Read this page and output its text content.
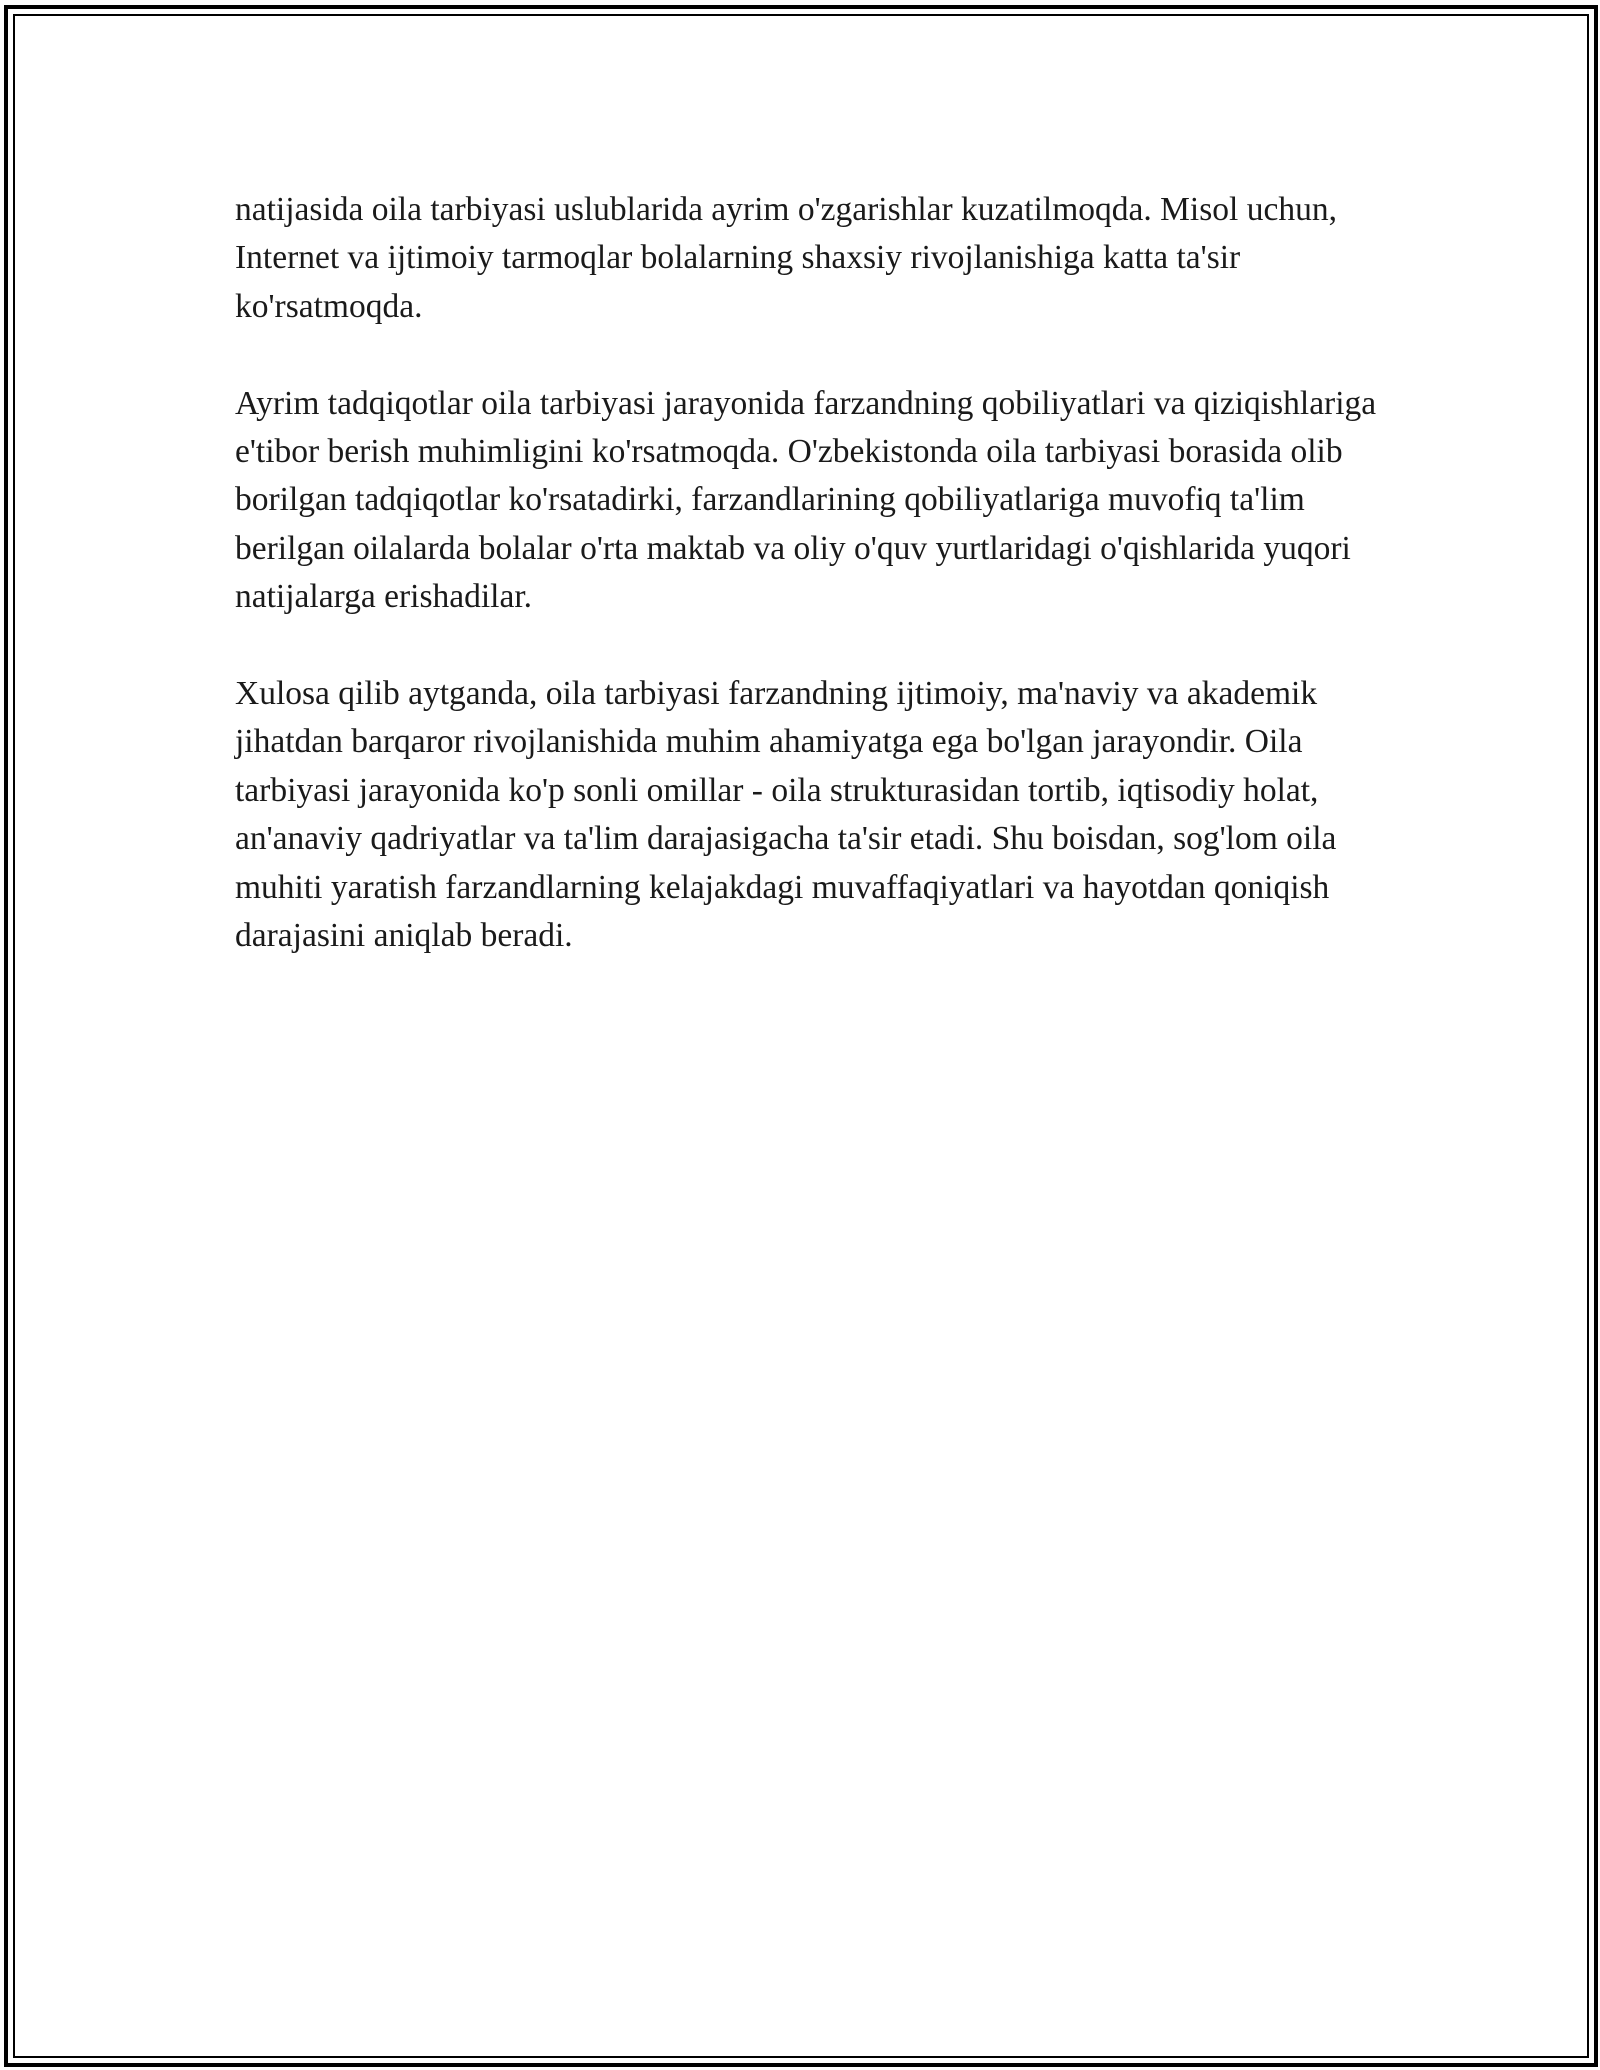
natijasida oila tarbiyasi uslublarida ayrim o'zgarishlar kuzatilmoqda. Misol uchun, Internet va ijtimoiy tarmoqlar bolalarning shaxsiy rivojlanishiga katta ta'sir ko'rsatmoqda.

Ayrim tadqiqotlar oila tarbiyasi jarayonida farzandning qobiliyatlari va qiziqishlariga e'tibor berish muhimligini ko'rsatmoqda. O'zbekistonda oila tarbiyasi borasida olib borilgan tadqiqotlar ko'rsatadirki, farzandlarining qobiliyatlariga muvofiq ta'lim berilgan oilalarda bolalar o'rta maktab va oliy o'quv yurtlaridagi o'qishlarida yuqori natijalarga erishadilar.

Xulosa qilib aytganda, oila tarbiyasi farzandning ijtimoiy, ma'naviy va akademik jihatdan barqaror rivojlanishida muhim ahamiyatga ega bo'lgan jarayondir. Oila tarbiyasi jarayonida ko'p sonli omillar - oila strukturasidan tortib, iqtisodiy holat, an'anaviy qadriyatlar va ta'lim darajasigacha ta'sir etadi. Shu boisdan, sog'lom oila muhiti yaratish farzandlarning kelajakdagi muvaffaqiyatlari va hayotdan qoniqish darajasini aniqlab beradi.
